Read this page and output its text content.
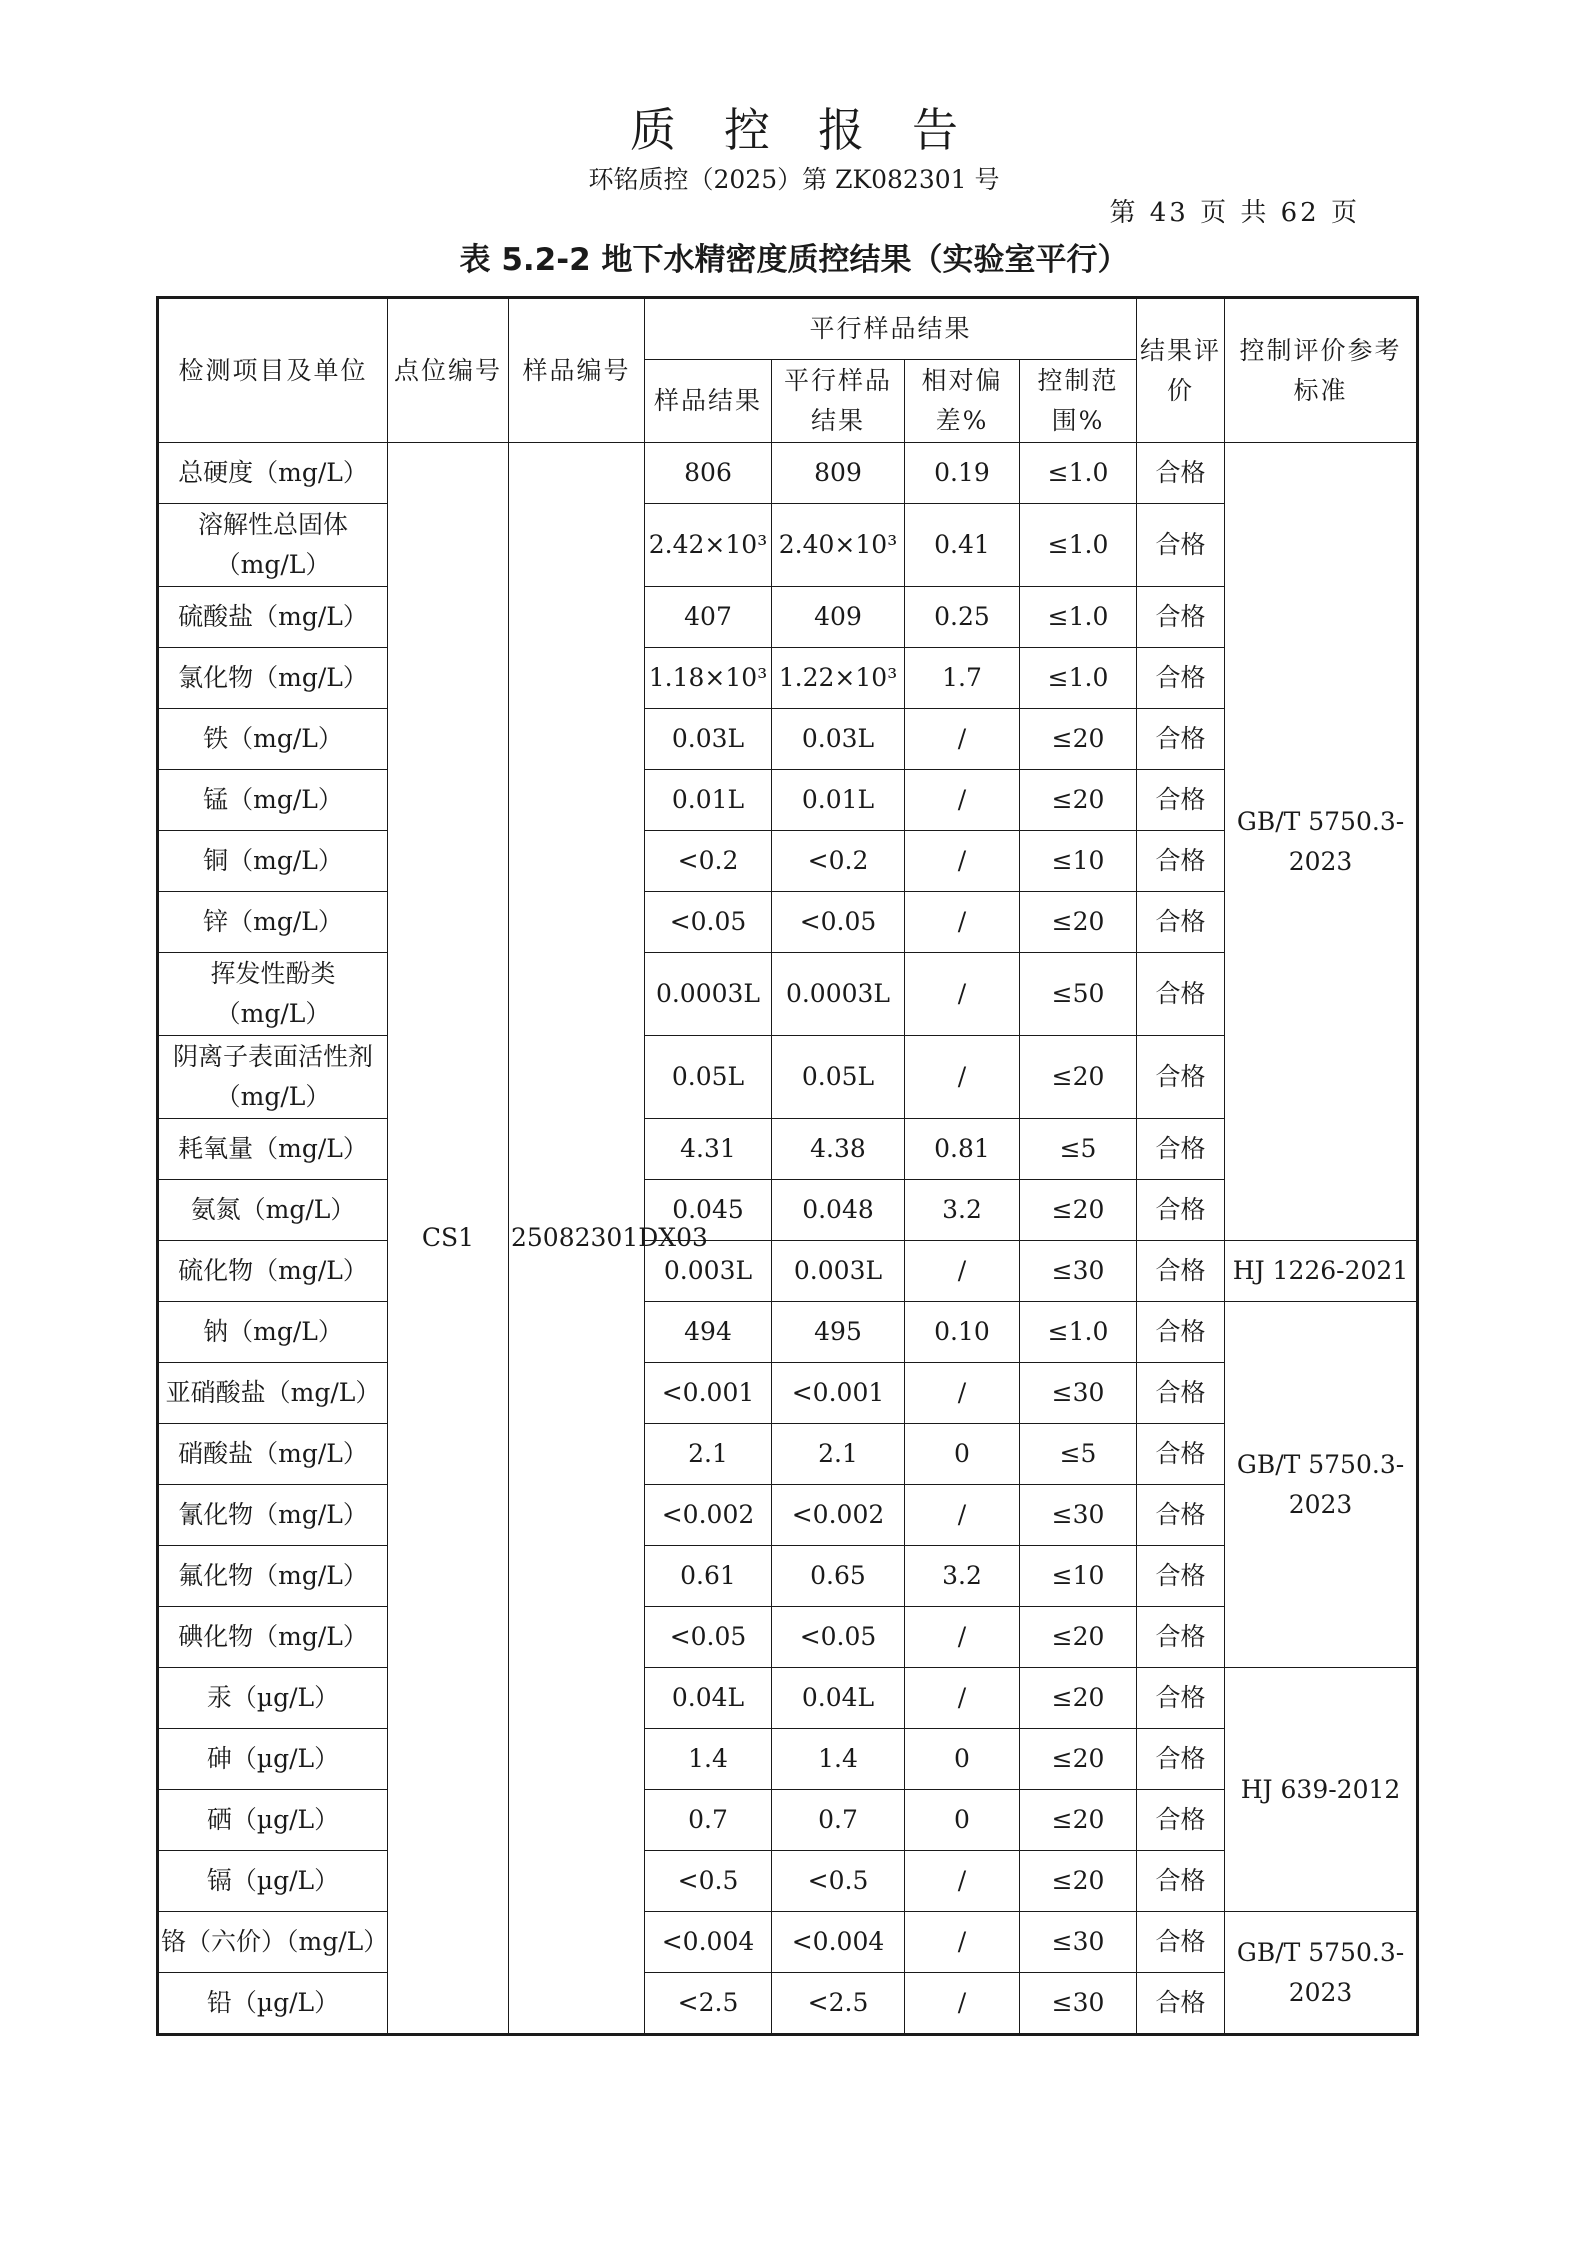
质控报告
环铭质控（2025）第 ZK082301 号
第 43 页 共 62 页
表 5.2-2 地下水精密度质控结果（实验室平行）
检测项目及单位	点位编号	样品编号	平行样品结果				结果评价	控制评价参考标准
			样品结果	平行样品结果	相对偏差%	控制范围%		
总硬度（mg/L）	CS1	25082301DX03	806	809	0.19	≤1.0	合格	GB/T 5750.3-2023
溶解性总固体（mg/L）			2.42×10³	2.40×10³	0.41	≤1.0	合格	
硫酸盐（mg/L）			407	409	0.25	≤1.0	合格	
氯化物（mg/L）			1.18×10³	1.22×10³	1.7	≤1.0	合格	
铁（mg/L）			0.03L	0.03L	/	≤20	合格	
锰（mg/L）			0.01L	0.01L	/	≤20	合格	
铜（mg/L）			<0.2	<0.2	/	≤10	合格	
锌（mg/L）			<0.05	<0.05	/	≤20	合格	
挥发性酚类（mg/L）			0.0003L	0.0003L	/	≤50	合格	
阴离子表面活性剂（mg/L）			0.05L	0.05L	/	≤20	合格	
耗氧量（mg/L）			4.31	4.38	0.81	≤5	合格	
氨氮（mg/L）			0.045	0.048	3.2	≤20	合格	
硫化物（mg/L）			0.003L	0.003L	/	≤30	合格	HJ 1226-2021
钠（mg/L）			494	495	0.10	≤1.0	合格	GB/T 5750.3-2023
亚硝酸盐（mg/L）			<0.001	<0.001	/	≤30	合格	
硝酸盐（mg/L）			2.1	2.1	0	≤5	合格	
氰化物（mg/L）			<0.002	<0.002	/	≤30	合格	
氟化物（mg/L）			0.61	0.65	3.2	≤10	合格	
碘化物（mg/L）			<0.05	<0.05	/	≤20	合格	
汞（µg/L）			0.04L	0.04L	/	≤20	合格	HJ 639-2012
砷（µg/L）			1.4	1.4	0	≤20	合格	
硒（µg/L）			0.7	0.7	0	≤20	合格	
镉（µg/L）			<0.5	<0.5	/	≤20	合格	
铬（六价）（mg/L）			<0.004	<0.004	/	≤30	合格	GB/T 5750.3-2023
铅（µg/L）			<2.5	<2.5	/	≤30	合格	
